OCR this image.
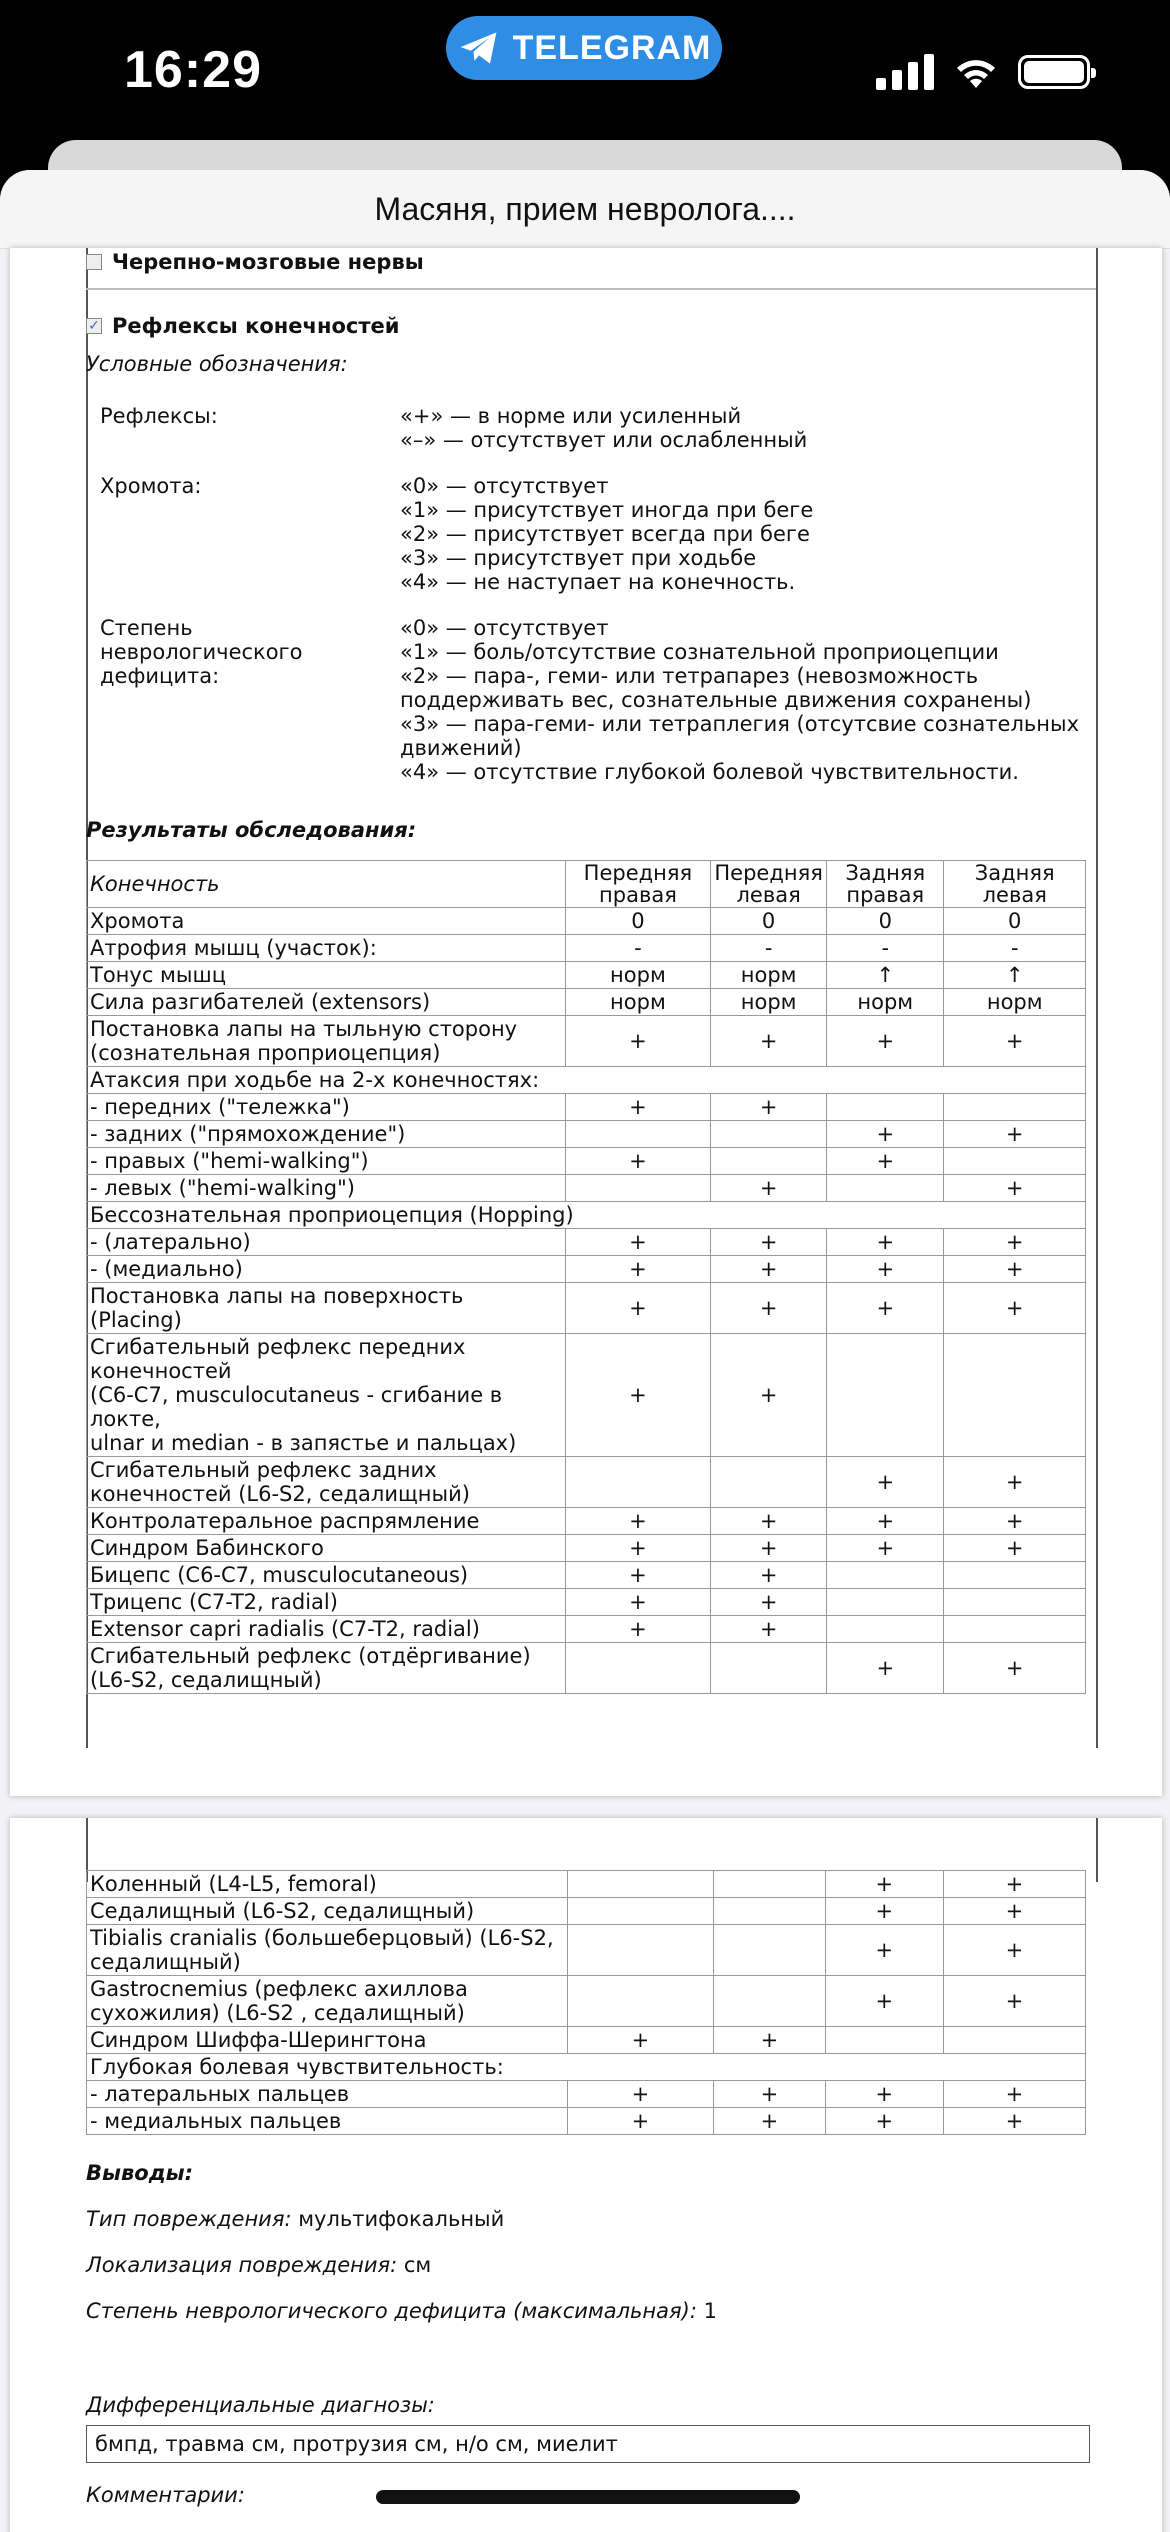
16:29	TELEGRAM
Масяня, прием невролога....
Черепно-мозговые нервы
✓ Рефлексы конечностей
Условные обозначения:
Рефлексы:	«+» — в норме или усиленный
«–» — отсутствует или ослабленный
Хромота:	«0» — отсутствует
«1» — присутствует иногда при беге
«2» — присутствует всегда при беге
«3» — присутствует при ходьбе
«4» — не наступает на конечность.
Степень неврологического дефицита:
«0» — отсутствует
«1» — боль/отсутствие сознательной проприоцепции
«2» — пара-, геми- или тетрапарез (невозможность поддерживать вес, сознательные движения сохранены)
«3» — пара-геми- или тетраплегия (отсутсвие сознательных движений)
«4» — отсутствие глубокой болевой чувствительности.
Результаты обследования:
Конечность	Передняя правая	Передняя левая	Задняя правая	Задняя левая
Хромота	0	0	0	0
Атрофия мышц (участок):	-	-	-	-
Тонус мышц	норм	норм	↑	↑
Сила разгибателей (extensors)	норм	норм	норм	норм
Постановка лапы на тыльную сторону (сознательная проприоцепция)	+	+	+	+
Атаксия при ходьбе на 2-х конечностях:				
- передних ("тележка")	+	+		
- задних ("прямохождение")			+	+
- правых ("hemi-walking")	+		+	
- левых ("hemi-walking")		+		+
Бессознательная проприоцепция (Hopping)				
- (латерально)	+	+	+	+
- (медиально)	+	+	+	+
Постановка лапы на поверхность (Placing)	+	+	+	+
Сгибательный рефлекс передних конечностей
(C6-C7, musculocutaneus - сгибание в локте,
ulnar и median - в запястье и пальцах)	+	+		
Сгибательный рефлекс задних конечностей (L6-S2, седалищный)			+	+
Контролатеральное распрямление	+	+	+	+
Синдром Бабинского	+	+	+	+
Бицепс (C6-C7, musculocutaneous)	+	+		
Трицепс (C7-T2, radial)	+	+		
Extensor capri radialis (C7-T2, radial)	+	+		
Сгибательный рефлекс (отдёргивание) (L6-S2, седалищный)			+	+
Коленный (L4-L5, femoral)			+	+
Седалищный (L6-S2, седалищный)			+	+
Tibialis cranialis (большеберцовый) (L6-S2, седалищный)			+	+
Gastrocnemius (рефлекс ахиллова сухожилия) (L6-S2 , седалищный)			+	+
Синдром Шиффа-Шерингтона	+	+		
Глубокая болевая чувствительность:				
- латеральных пальцев	+	+	+	+
- медиальных пальцев	+	+	+	+

Выводы:

Тип повреждения: мультифокальный

Локализация повреждения: см

Степень неврологического дефицита (максимальная): 1

Дифференциальные диагнозы:

бмпд, травма см, протрузия см, н/о см, миелит

Комментарии:
